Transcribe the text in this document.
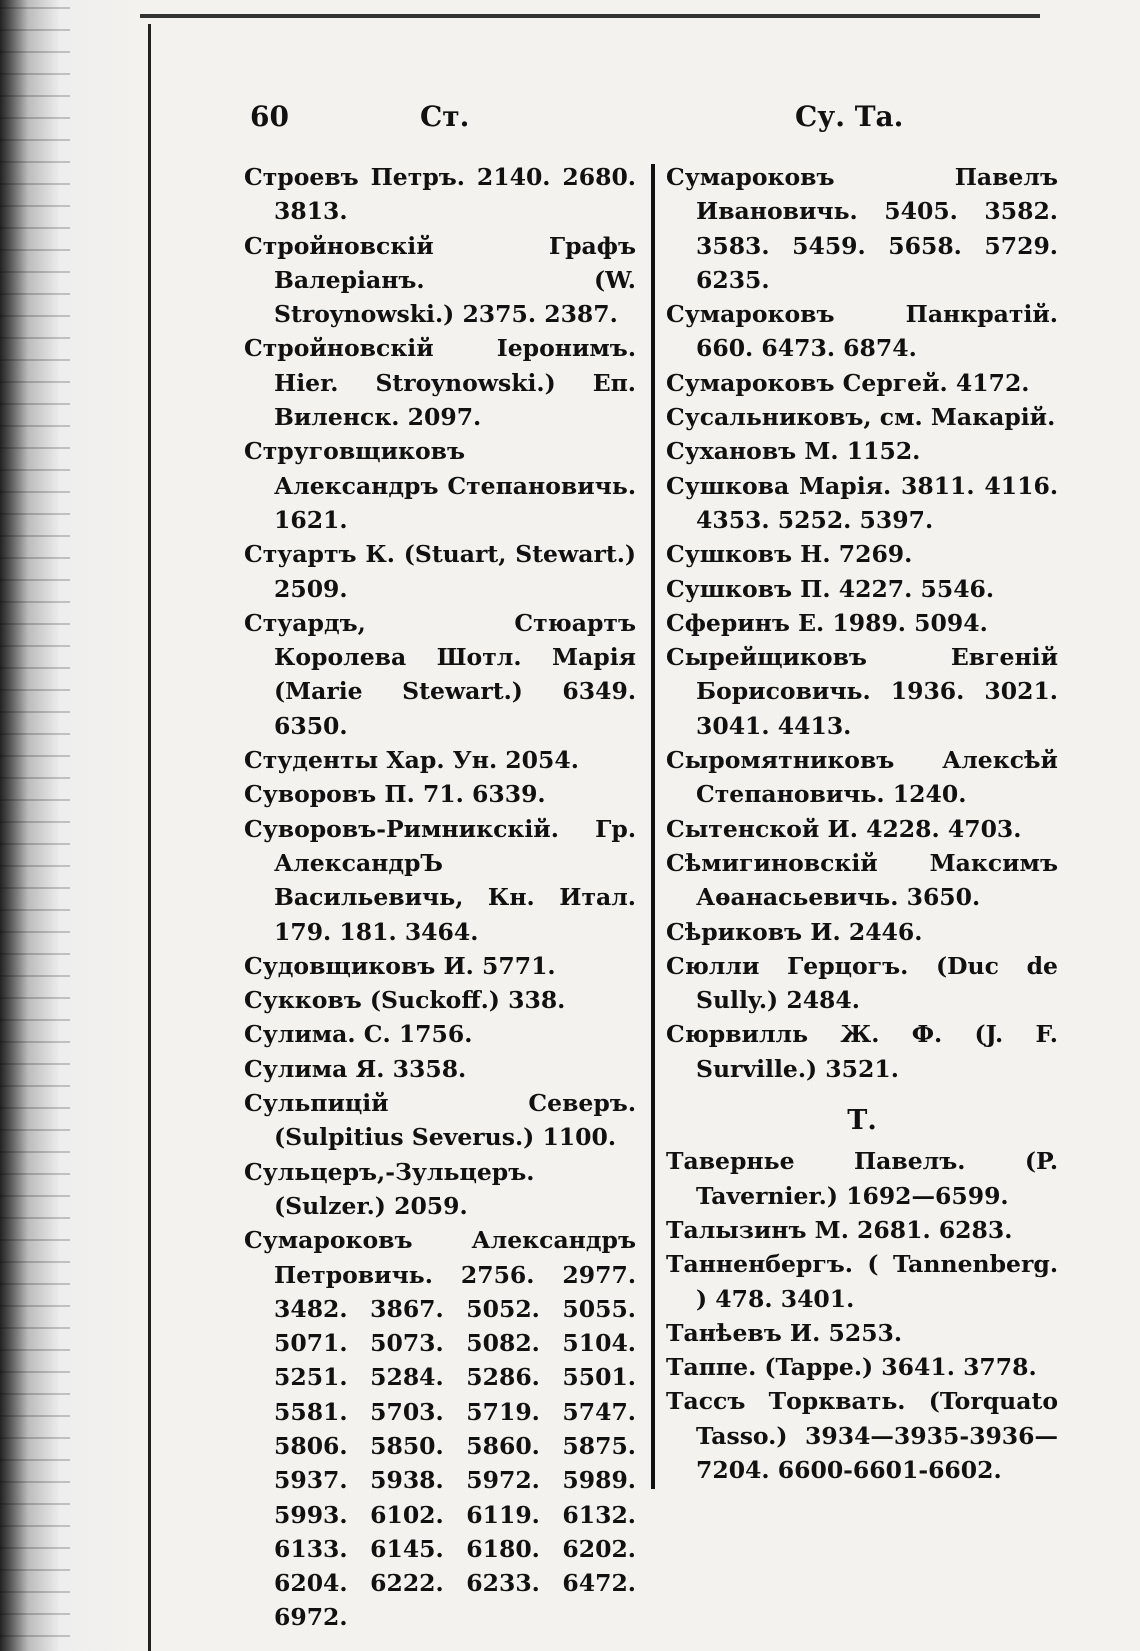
60	Ст.	Су. Та.
Строевъ Петръ. 2140. 2680. 3813.
Стройновскій Графъ Валеріанъ. (W. Stroynowski.) 2375. 2387.
Стройновскій Іеронимъ. Hier. Stroynowski.) Еп. Виленск. 2097.
Струговщиковъ Александръ Степановичь. 1621.
Стуартъ К. (Stuart, Stewart.) 2509.
Стуардъ, Стюартъ Королева Шотл. Марія (Marie Stewart.) 6349. 6350.
Студенты Хар. Ун. 2054.
Суворовъ П. 71. 6339.
Суворовъ-Римникскій. Гр. АлександрЪ Васильевичь, Кн. Итал. 179. 181. 3464.
Судовщиковъ И. 5771.
Сукковъ (Suckoff.) 338.
Сулима. С. 1756.
Сулима Я. 3358.
Сульпицій Северъ. (Sulpitius Severus.) 1100.
Сульцеръ,-Зульцеръ. (Sulzer.) 2059.
Сумароковъ Александръ Петровичь. 2756. 2977. 3482. 3867. 5052. 5055. 5071. 5073. 5082. 5104. 5251. 5284. 5286. 5501. 5581. 5703. 5719. 5747. 5806. 5850. 5860. 5875. 5937. 5938. 5972. 5989. 5993. 6102. 6119. 6132. 6133. 6145. 6180. 6202. 6204. 6222. 6233. 6472. 6972.
Сумароковъ Павелъ Ивановичь. 5405. 3582. 3583. 5459. 5658. 5729. 6235.
Сумароковъ Панкратій. 660. 6473. 6874.
Сумароковъ Сергей. 4172.
Сусальниковъ, см. Макарій.
Сухановъ М. 1152.
Сушкова Марія. 3811. 4116. 4353. 5252. 5397.
Сушковъ Н. 7269.
Сушковъ П. 4227. 5546.
Сферинъ Е. 1989. 5094.
Сырейщиковъ Евгеній Борисовичь. 1936. 3021. 3041. 4413.
Сыромятниковъ Алексѣй Степановичь. 1240.
Сытенской И. 4228. 4703.
Сѣмигиновскій Максимъ Аѳанасьевичь. 3650.
Сѣриковъ И. 2446.
Сюлли Герцогъ. (Duc de Sully.) 2484.
Сюрвилль Ж. Ф. (J. F. Surville.) 3521.
Т.
Тавернье Павелъ. (P. Tavernier.) 1692—6599.
Талызинъ М. 2681. 6283.
Танненбергъ. ( Tannenberg. ) 478. 3401.
Танѣевъ И. 5253.
Таппе. (Tappe.) 3641. 3778.
Тассъ Торквать. (Torquato Tasso.) 3934—3935-3936—7204. 6600-6601-6602.
